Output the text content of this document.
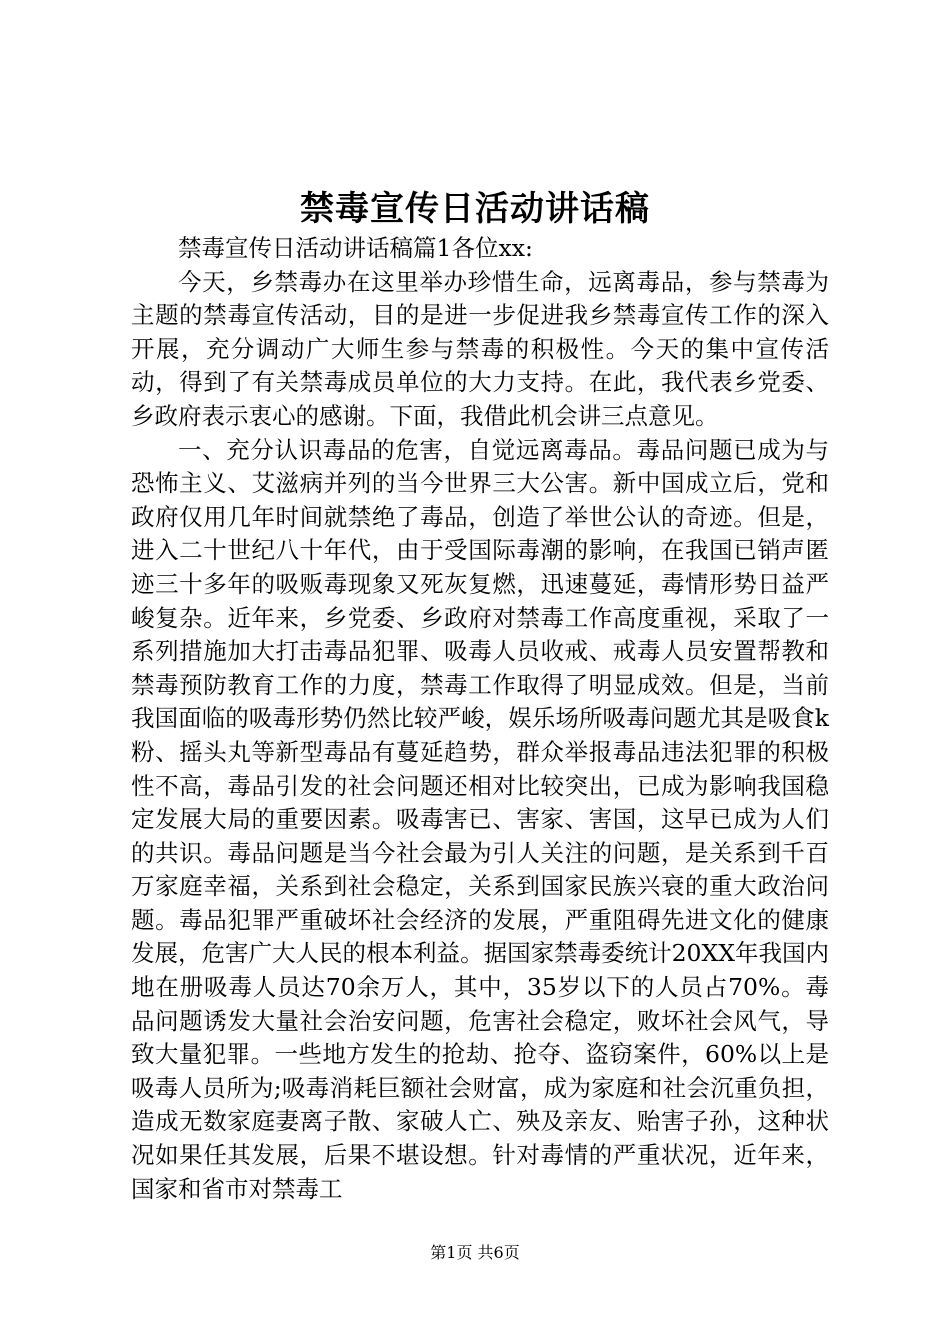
禁毒宣传日活动讲话稿

禁毒宣传日活动讲话稿篇1各位xx:

今天，乡禁毒办在这里举办珍惜生命，远离毒品，参与禁毒为主题的禁毒宣传活动，目的是进一步促进我乡禁毒宣传工作的深入开展，充分调动广大师生参与禁毒的积极性。今天的集中宣传活动，得到了有关禁毒成员单位的大力支持。在此，我代表乡党委、乡政府表示衷心的感谢。下面，我借此机会讲三点意见。

一、充分认识毒品的危害，自觉远离毒品。毒品问题已成为与恐怖主义、艾滋病并列的当今世界三大公害。新中国成立后，党和政府仅用几年时间就禁绝了毒品，创造了举世公认的奇迹。但是，进入二十世纪八十年代，由于受国际毒潮的影响，在我国已销声匿迹三十多年的吸贩毒现象又死灰复燃，迅速蔓延，毒情形势日益严峻复杂。近年来，乡党委、乡政府对禁毒工作高度重视，采取了一系列措施加大打击毒品犯罪、吸毒人员收戒、戒毒人员安置帮教和禁毒预防教育工作的力度，禁毒工作取得了明显成效。但是，当前我国面临的吸毒形势仍然比较严峻，娱乐场所吸毒问题尤其是吸食k粉、摇头丸等新型毒品有蔓延趋势，群众举报毒品违法犯罪的积极性不高，毒品引发的社会问题还相对比较突出，已成为影响我国稳定发展大局的重要因素。吸毒害已、害家、害国，这早已成为人们的共识。毒品问题是当今社会最为引人关注的问题，是关系到千百万家庭幸福，关系到社会稳定，关系到国家民族兴衰的重大政治问题。毒品犯罪严重破坏社会经济的发展，严重阻碍先进文化的健康发展，危害广大人民的根本利益。据国家禁毒委统计20XX年我国内地在册吸毒人员达70余万人，其中，35岁以下的人员占70%。毒品问题诱发大量社会治安问题，危害社会稳定，败坏社会风气，导致大量犯罪。一些地方发生的抢劫、抢夺、盗窃案件，60%以上是吸毒人员所为;吸毒消耗巨额社会财富，成为家庭和社会沉重负担，造成无数家庭妻离子散、家破人亡、殃及亲友、贻害子孙，这种状况如果任其发展，后果不堪设想。针对毒情的严重状况，近年来，国家和省市对禁毒工

第1页 共6页
